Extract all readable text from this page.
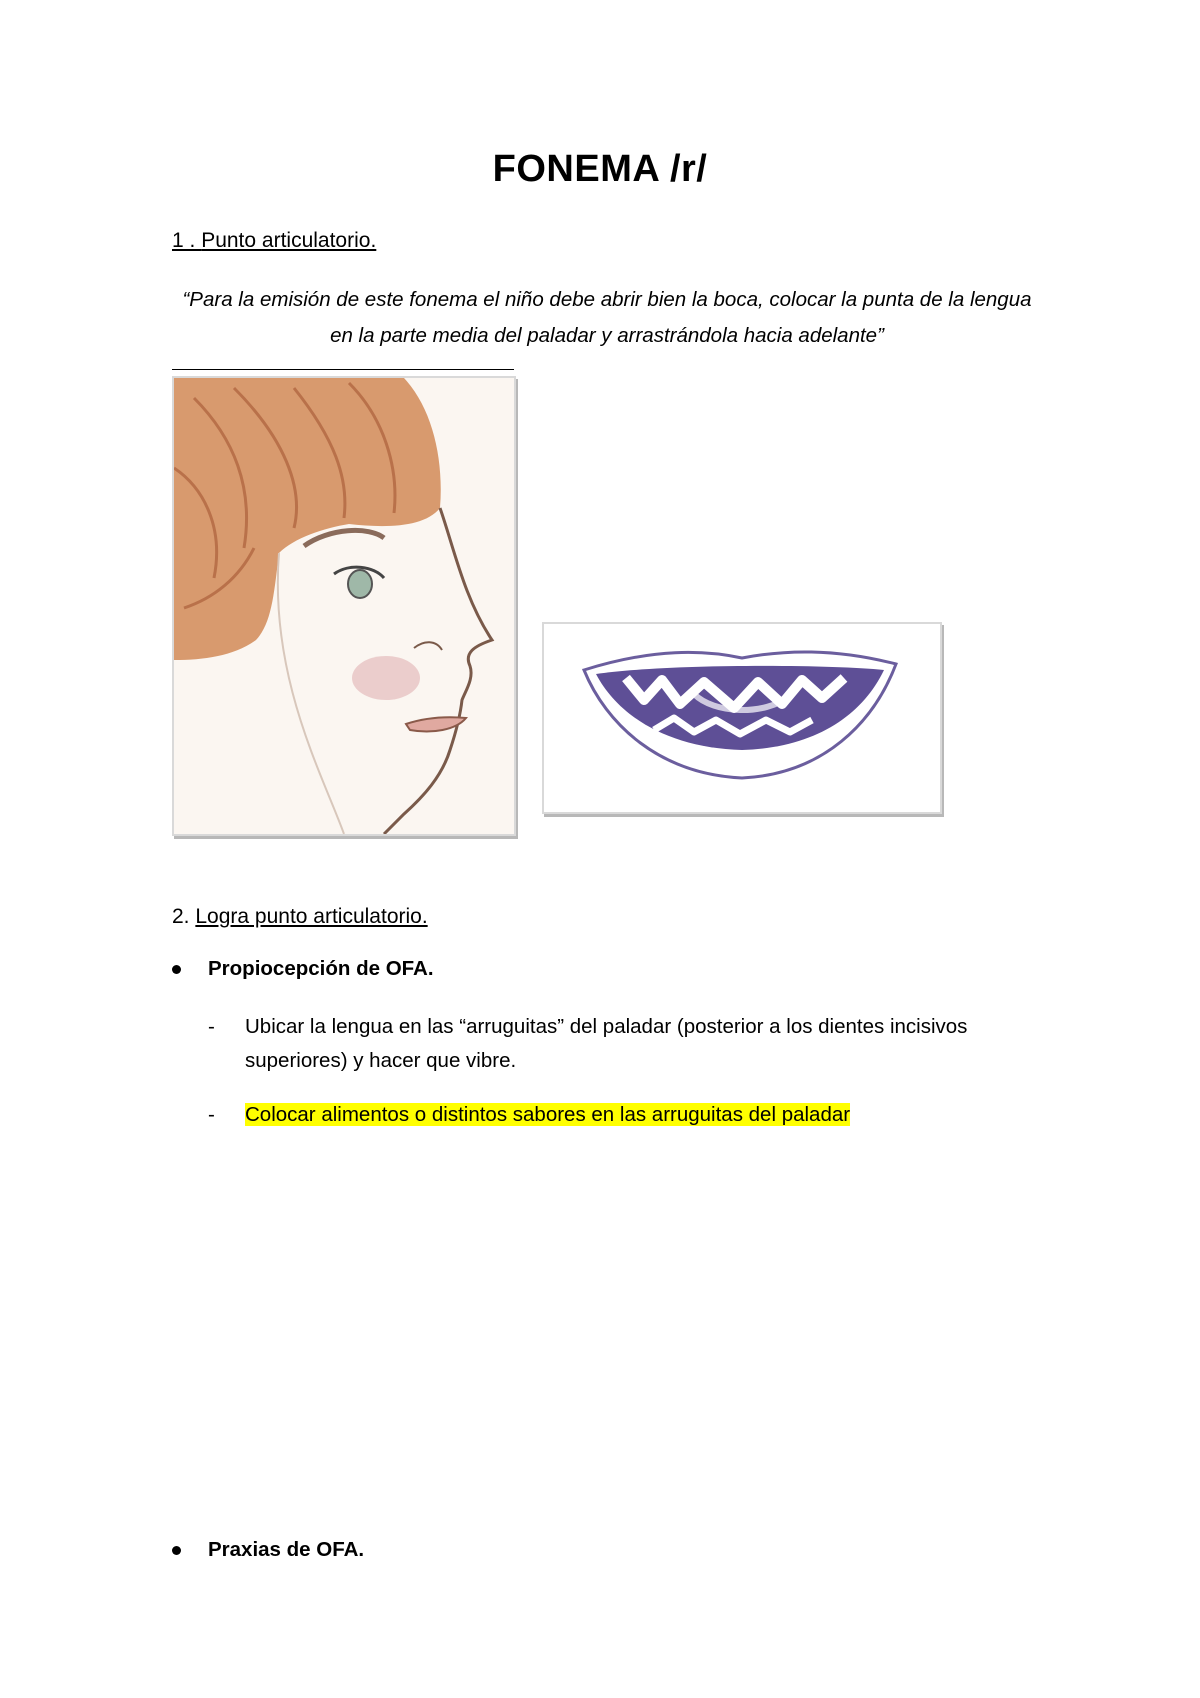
FONEMA /r/
1 . Punto articulatorio.
“Para la emisión de este fonema el niño debe abrir bien la boca, colocar la punta de la lengua en la parte media del paladar y arrastrándola hacia adelante”
2. Logra punto articulatorio.
Propiocepción de OFA.
- Ubicar la lengua en las “arruguitas” del paladar (posterior a los dientes incisivos superiores) y hacer que vibre.
- Colocar alimentos o distintos sabores en las arruguitas del paladar
Praxias de OFA.
